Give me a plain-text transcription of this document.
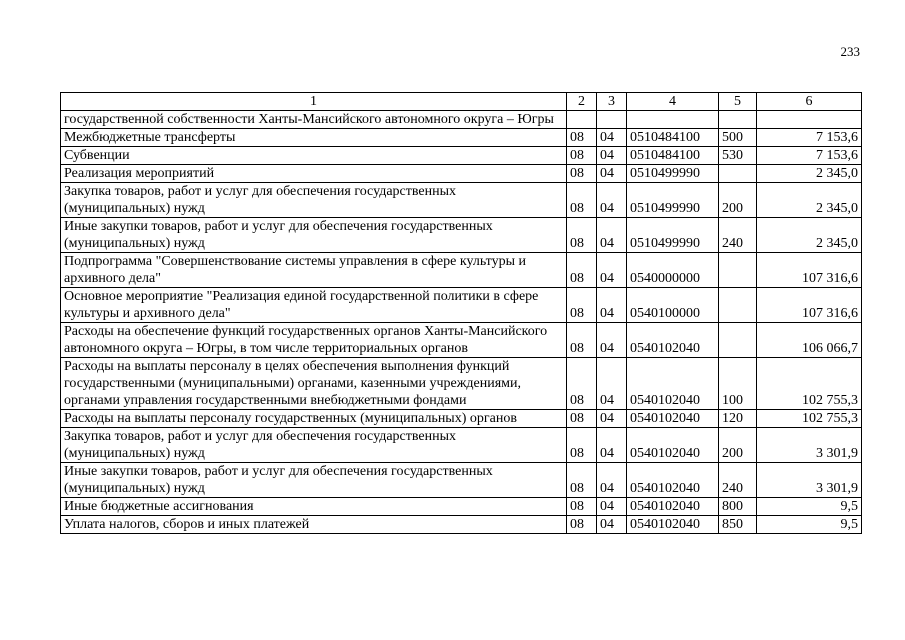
233
1	2	3	4	5	6
государственной собственности Ханты-Мансийского автономного округа – Югры					
Межбюджетные трансферты	08	04	0510484100	500	7 153,6
Субвенции	08	04	0510484100	530	7 153,6
Реализация мероприятий	08	04	0510499990		2 345,0
Закупка товаров, работ и услуг для обеспечения государственных (муниципальных) нужд	08	04	0510499990	200	2 345,0
Иные закупки товаров, работ и услуг для обеспечения государственных (муниципальных) нужд	08	04	0510499990	240	2 345,0
Подпрограмма "Совершенствование системы управления в сфере культуры и архивного дела"	08	04	0540000000		107 316,6
Основное мероприятие "Реализация единой государственной политики в сфере культуры и архивного дела"	08	04	0540100000		107 316,6
Расходы на обеспечение функций государственных органов Ханты-Мансийского автономного округа – Югры, в том числе территориальных органов	08	04	0540102040		106 066,7
Расходы на выплаты персоналу в целях обеспечения выполнения функций государственными (муниципальными) органами, казенными учреждениями, органами управления государственными внебюджетными фондами	08	04	0540102040	100	102 755,3
Расходы на выплаты персоналу государственных (муниципальных) органов	08	04	0540102040	120	102 755,3
Закупка товаров, работ и услуг для обеспечения государственных (муниципальных) нужд	08	04	0540102040	200	3 301,9
Иные закупки товаров, работ и услуг для обеспечения государственных (муниципальных) нужд	08	04	0540102040	240	3 301,9
Иные бюджетные ассигнования	08	04	0540102040	800	9,5
Уплата налогов, сборов и иных платежей	08	04	0540102040	850	9,5
